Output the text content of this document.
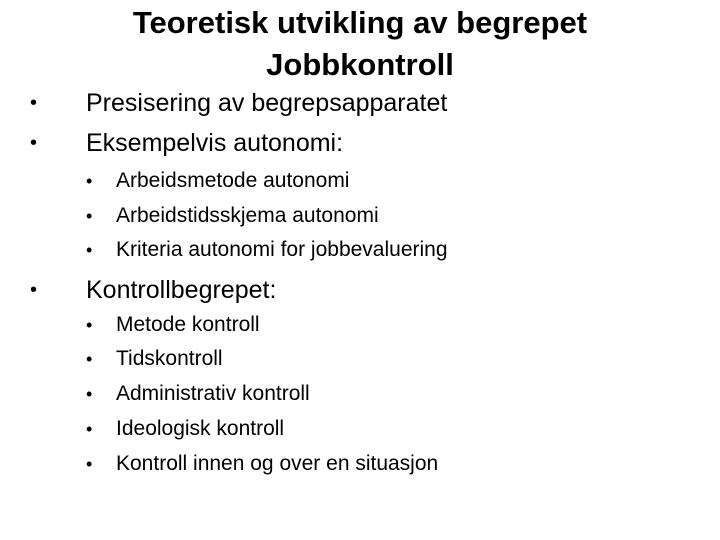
Teoretisk utvikling av begrepet
Jobbkontroll
• Presisering av begrepsapparatet
• Eksempelvis autonomi:
• Arbeidsmetode autonomi
• Arbeidstidsskjema autonomi
• Kriteria autonomi for jobbevaluering
• Kontrollbegrepet:
• Metode kontroll
• Tidskontroll
• Administrativ kontroll
• Ideologisk kontroll
• Kontroll innen og over en situasjon
